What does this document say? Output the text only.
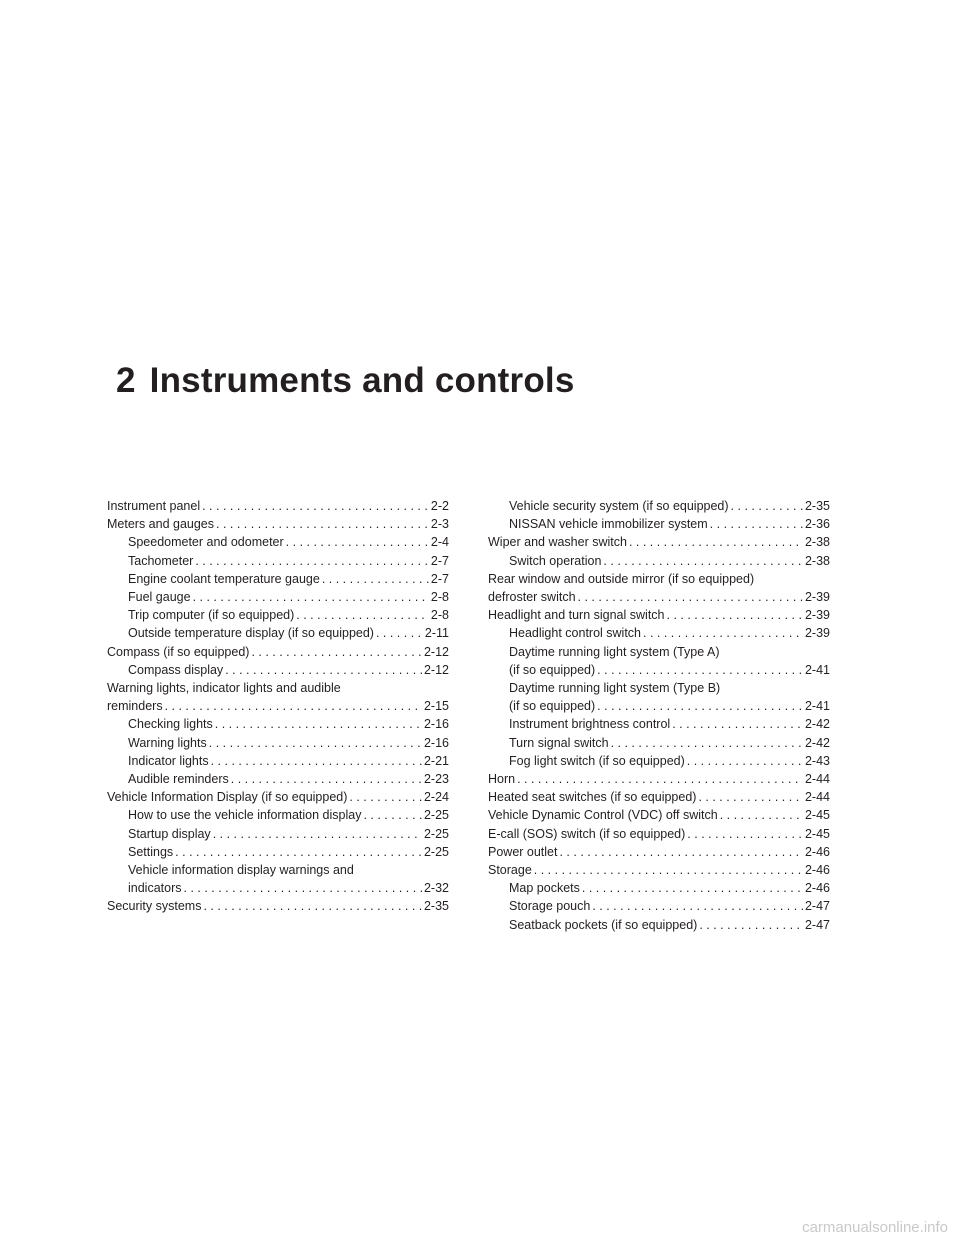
2 Instruments and controls
Instrument panel . . .	2-2
Meters and gauges . . .	2-3
Speedometer and odometer . . .	2-4
Tachometer . . .	2-7
Engine coolant temperature gauge . . .	2-7
Fuel gauge . . .	2-8
Trip computer (if so equipped) . . .	2-8
Outside temperature display (if so equipped) . . .	2-11
Compass (if so equipped) . . .	2-12
Compass display . . .	2-12
Warning lights, indicator lights and audible
reminders . . .	2-15
Checking lights . . .	2-16
Warning lights . . .	2-16
Indicator lights . . .	2-21
Audible reminders . . .	2-23
Vehicle Information Display (if so equipped) . . .	2-24
How to use the vehicle information display . . .	2-25
Startup display . . .	2-25
Settings . . .	2-25
Vehicle information display warnings and
indicators . . .	2-32
Security systems . . .	2-35
Vehicle security system (if so equipped) . . .	2-35
NISSAN vehicle immobilizer system . . .	2-36
Wiper and washer switch . . .	2-38
Switch operation . . .	2-38
Rear window and outside mirror (if so equipped)
defroster switch . . .	2-39
Headlight and turn signal switch . . .	2-39
Headlight control switch . . .	2-39
Daytime running light system (Type A)
(if so equipped) . . .	2-41
Daytime running light system (Type B)
(if so equipped) . . .	2-41
Instrument brightness control . . .	2-42
Turn signal switch . . .	2-42
Fog light switch (if so equipped) . . .	2-43
Horn . . .	2-44
Heated seat switches (if so equipped) . . .	2-44
Vehicle Dynamic Control (VDC) off switch . . .	2-45
E-call (SOS) switch (if so equipped) . . .	2-45
Power outlet . . .	2-46
Storage . . .	2-46
Map pockets . . .	2-46
Storage pouch . . .	2-47
Seatback pockets (if so equipped) . . .	2-47
carmanualsonline.info
